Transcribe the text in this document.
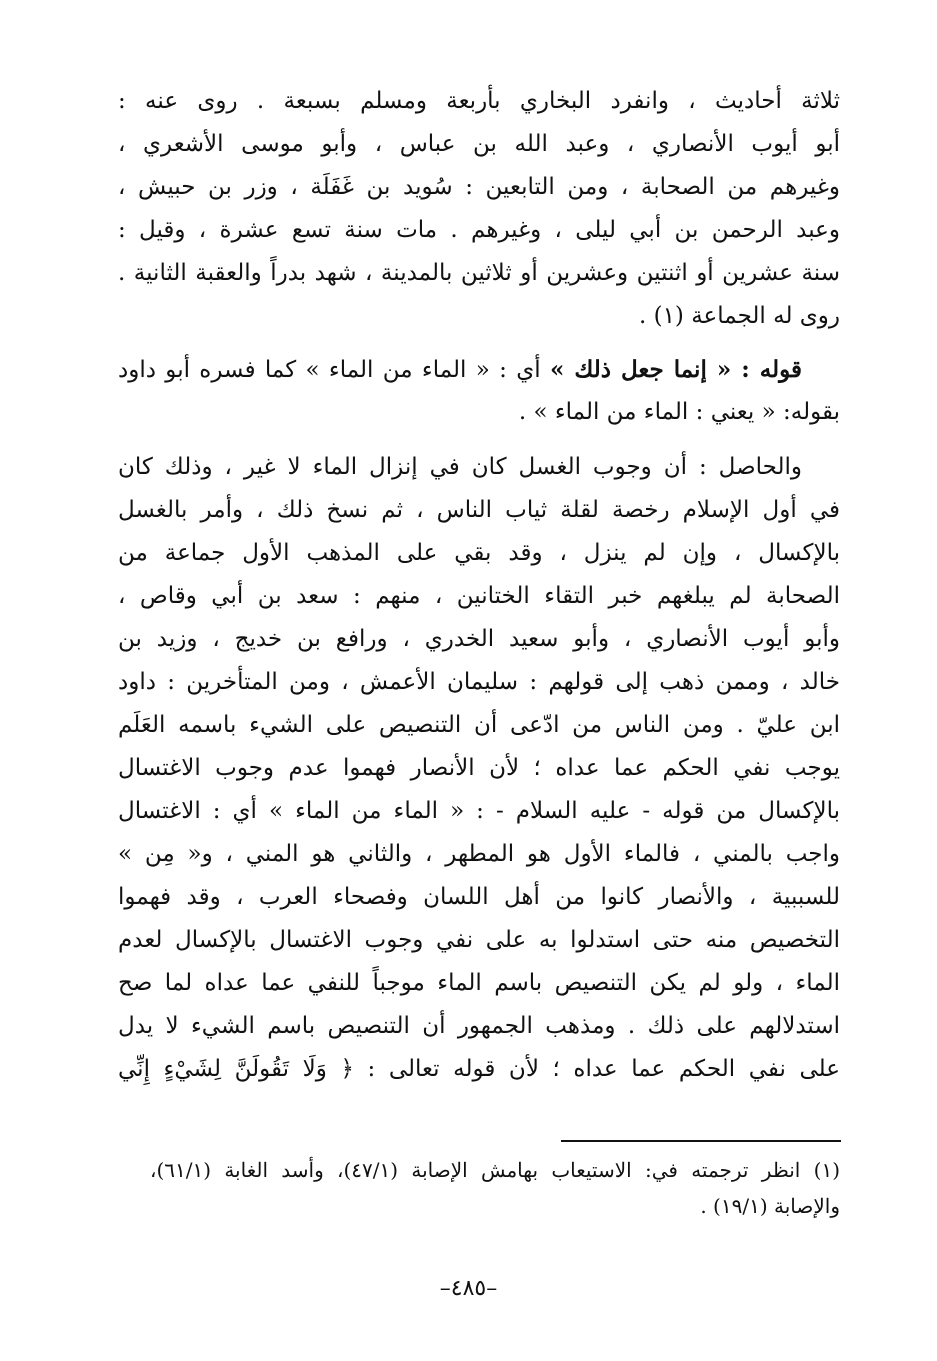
ثلاثة أحاديث ، وانفرد البخاري بأربعة ومسلم بسبعة . روى عنه :
أبو أيوب الأنصاري ، وعبد الله بن عباس ، وأبو موسى الأشعري ،
وغيرهم من الصحابة ، ومن التابعين : سُويد بن غَفَلَة ، وزر بن حبيش ،
وعبد الرحمن بن أبي ليلى ، وغيرهم . مات سنة تسع عشرة ، وقيل :
سنة عشرين أو اثنتين وعشرين أو ثلاثين بالمدينة ، شهد بدراً والعقبة الثانية .
روى له الجماعة (١) .
قوله : « إنما جعل ذلك » أي : « الماء من الماء » كما فسره أبو داود
بقوله: « يعني : الماء من الماء » .
والحاصل : أن وجوب الغسل كان في إنزال الماء لا غير ، وذلك كان
في أول الإسلام رخصة لقلة ثياب الناس ، ثم نسخ ذلك ، وأمر بالغسل
بالإكسال ، وإن لم ينزل ، وقد بقي على المذهب الأول جماعة من
الصحابة لم يبلغهم خبر التقاء الختانين ، منهم : سعد بن أبي وقاص ،
وأبو أيوب الأنصاري ، وأبو سعيد الخدري ، ورافع بن خديج ، وزيد بن
خالد ، وممن ذهب إلى قولهم : سليمان الأعمش ، ومن المتأخرين : داود
ابن عليّ . ومن الناس من ادّعى أن التنصيص على الشيء باسمه العَلَم
يوجب نفي الحكم عما عداه ؛ لأن الأنصار فهموا عدم وجوب الاغتسال
بالإكسال من قوله - عليه السلام - : « الماء من الماء » أي : الاغتسال
واجب بالمني ، فالماء الأول هو المطهر ، والثاني هو المني ، و« مِن »
للسببية ، والأنصار كانوا من أهل اللسان وفصحاء العرب ، وقد فهموا
التخصيص منه حتى استدلوا به على نفي وجوب الاغتسال بالإكسال لعدم
الماء ، ولو لم يكن التنصيص باسم الماء موجباً للنفي عما عداه لما صح
استدلالهم على ذلك . ومذهب الجمهور أن التنصيص باسم الشيء لا يدل
على نفي الحكم عما عداه ؛ لأن قوله تعالى : ﴿ وَلَا تَقُولَنَّ لِشَيْءٍ إِنِّي
(١) انظر ترجمته في: الاستيعاب بهامش الإصابة (٤٧/١)، وأسد الغابة (٦١/١)،
والإصابة (١٩/١) .
–٤٨٥–
